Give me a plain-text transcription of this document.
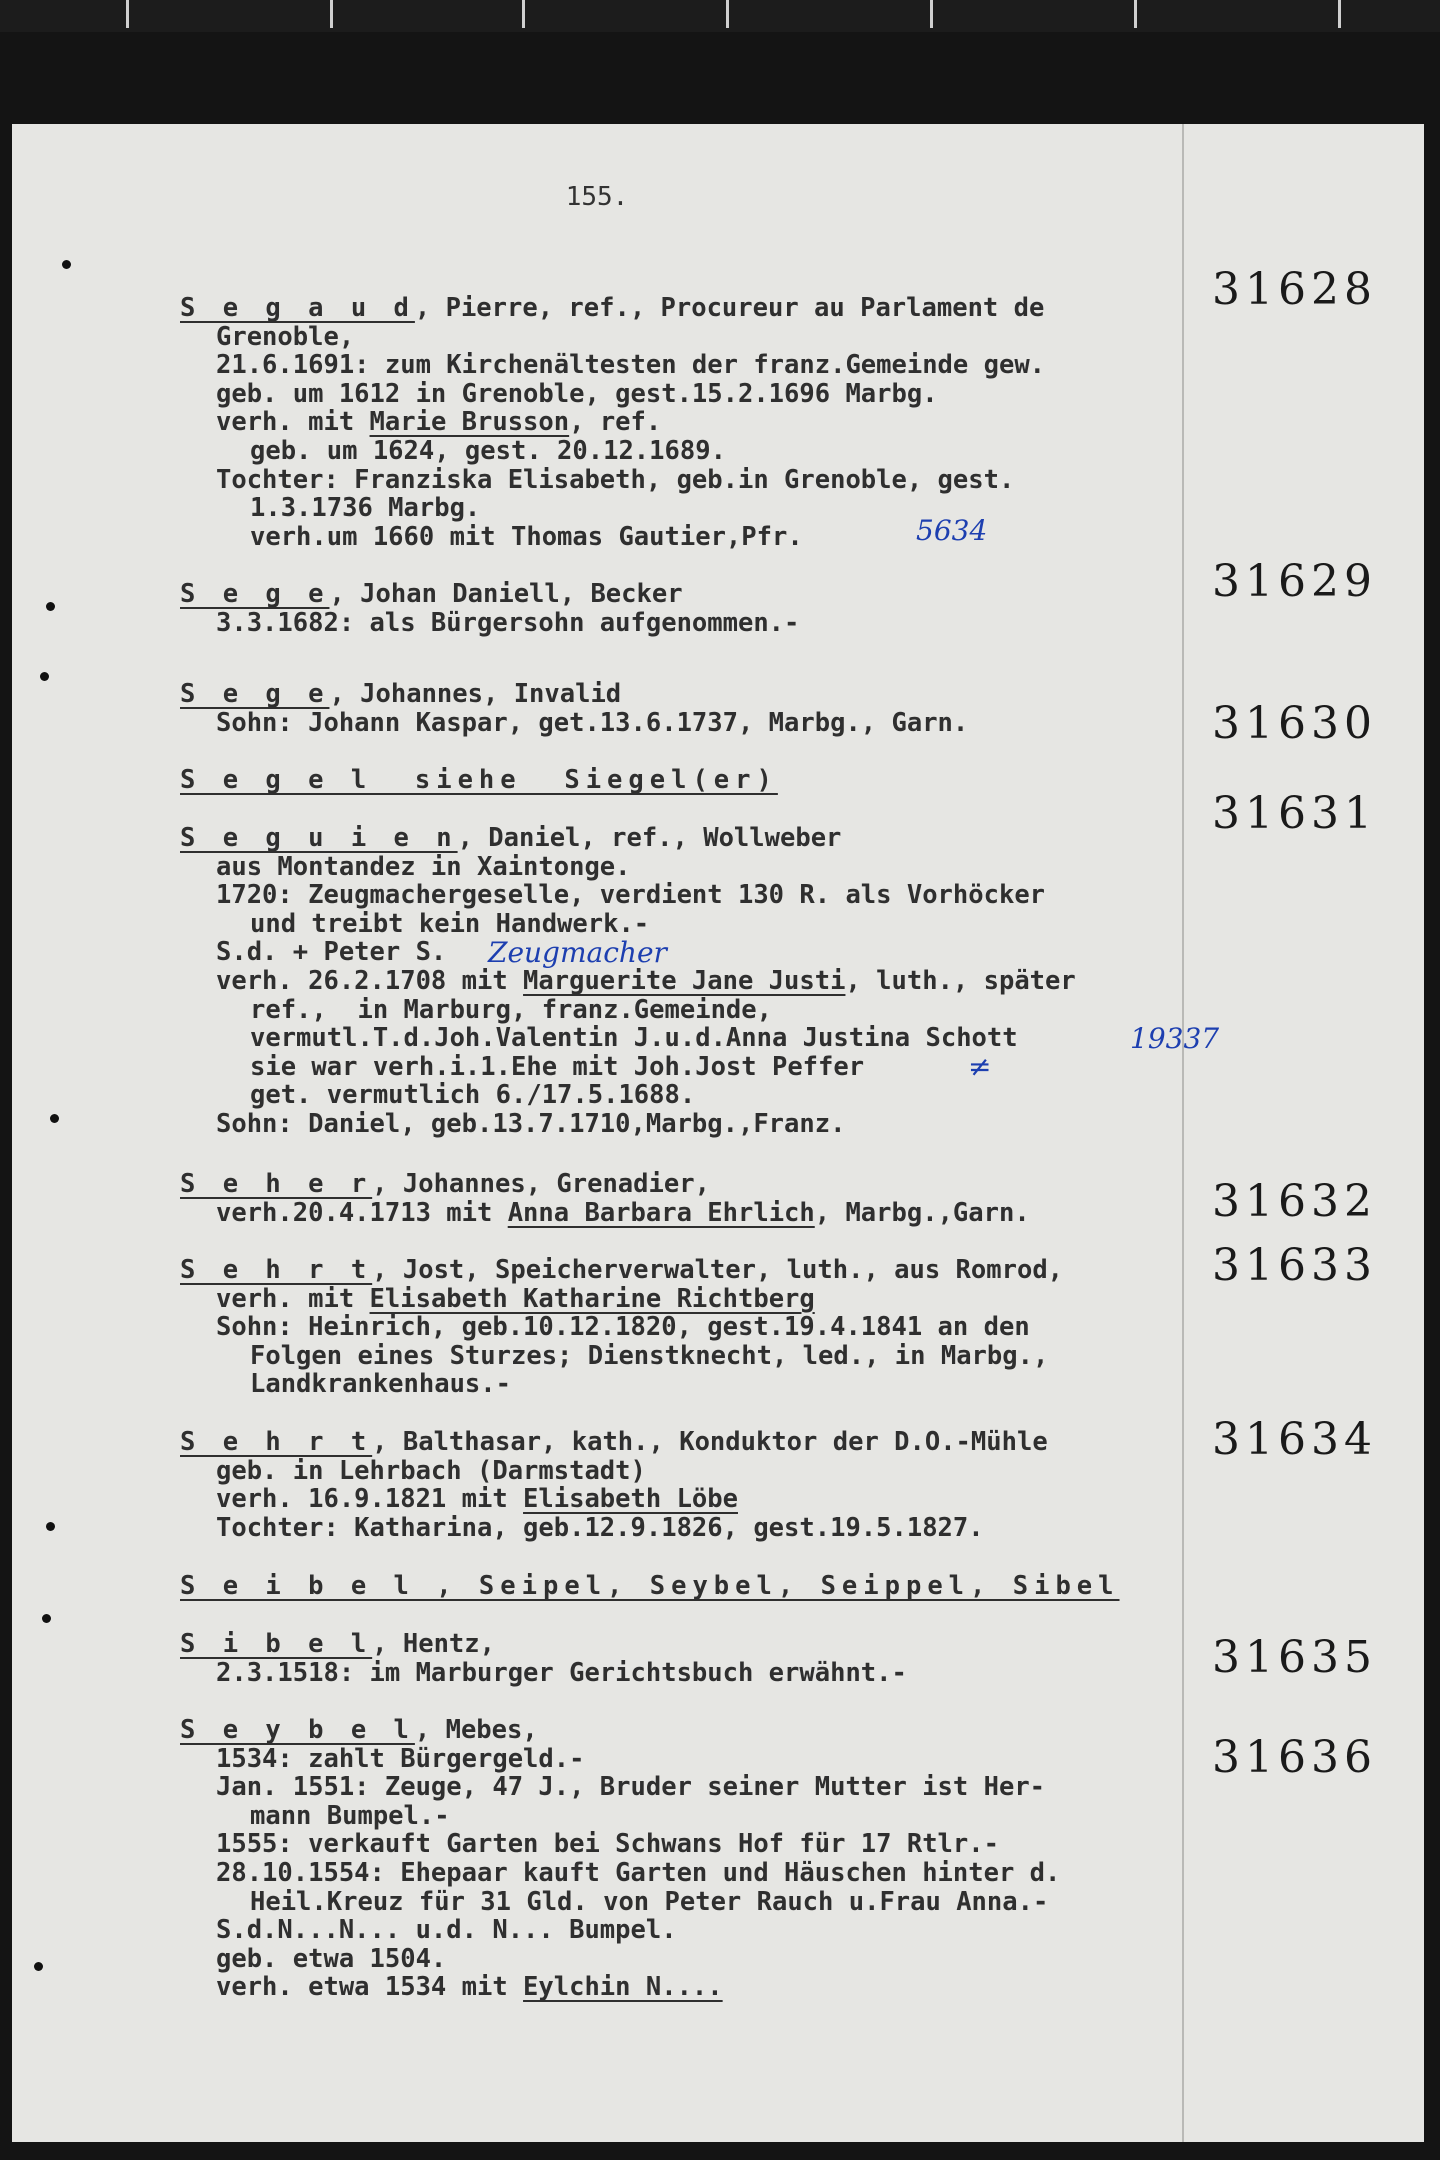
155.
31628
31629
31630
31631
31632
31633
31634
31635
31636
S e g a u d, Pierre, ref., Procureur au Parlament de
Grenoble,
21.6.1691: zum Kirchenältesten der franz.Gemeinde gew.
geb. um 1612 in Grenoble, gest.15.2.1696 Marbg.
verh. mit Marie Brusson, ref.
geb. um 1624, gest. 20.12.1689.
Tochter: Franziska Elisabeth, geb.in Grenoble, gest.
1.3.1736 Marbg.
verh.um 1660 mit Thomas Gautier,Pfr.	5634
S e g e, Johan Daniell, Becker
3.3.1682: als Bürgersohn aufgenommen.-
S e g e, Johannes, Invalid
Sohn: Johann Kaspar, get.13.6.1737, Marbg., Garn.
S e g e l  siehe  Siegel(er)
S e g u i e n, Daniel, ref., Wollweber
aus Montandez in Xaintonge.
1720: Zeugmachergeselle, verdient 130 R. als Vorhöcker
und treibt kein Handwerk.-
S.d. + Peter S.
verh. 26.2.1708 mit Marguerite Jane Justi, luth., später
ref.,  in Marburg, franz.Gemeinde,
vermutl.T.d.Joh.Valentin J.u.d.Anna Justina Schott
sie war verh.i.1.Ehe mit Joh.Jost Peffer
get. vermutlich 6./17.5.1688.
Sohn: Daniel, geb.13.7.1710,Marbg.,Franz.
Zeugmacher
19337
≠
S e h e r, Johannes, Grenadier,
verh.20.4.1713 mit Anna Barbara Ehrlich, Marbg.,Garn.
S e h r t, Jost, Speicherverwalter, luth., aus Romrod,
verh. mit Elisabeth Katharine Richtberg
Sohn: Heinrich, geb.10.12.1820, gest.19.4.1841 an den
Folgen eines Sturzes; Dienstknecht, led., in Marbg.,
Landkrankenhaus.-
S e h r t, Balthasar, kath., Konduktor der D.O.-Mühle
geb. in Lehrbach (Darmstadt)
verh. 16.9.1821 mit Elisabeth Löbe
Tochter: Katharina, geb.12.9.1826, gest.19.5.1827.
S e i b e l , Seipel, Seybel, Seippel, Sibel
S i b e l, Hentz,
2.3.1518: im Marburger Gerichtsbuch erwähnt.-
S e y b e l, Mebes,
1534: zahlt Bürgergeld.-
Jan. 1551: Zeuge, 47 J., Bruder seiner Mutter ist Her-
mann Bumpel.-
1555: verkauft Garten bei Schwans Hof für 17 Rtlr.-
28.10.1554: Ehepaar kauft Garten und Häuschen hinter d.
Heil.Kreuz für 31 Gld. von Peter Rauch u.Frau Anna.-
S.d.N...N... u.d. N... Bumpel.
geb. etwa 1504.
verh. etwa 1534 mit Eylchin N....
